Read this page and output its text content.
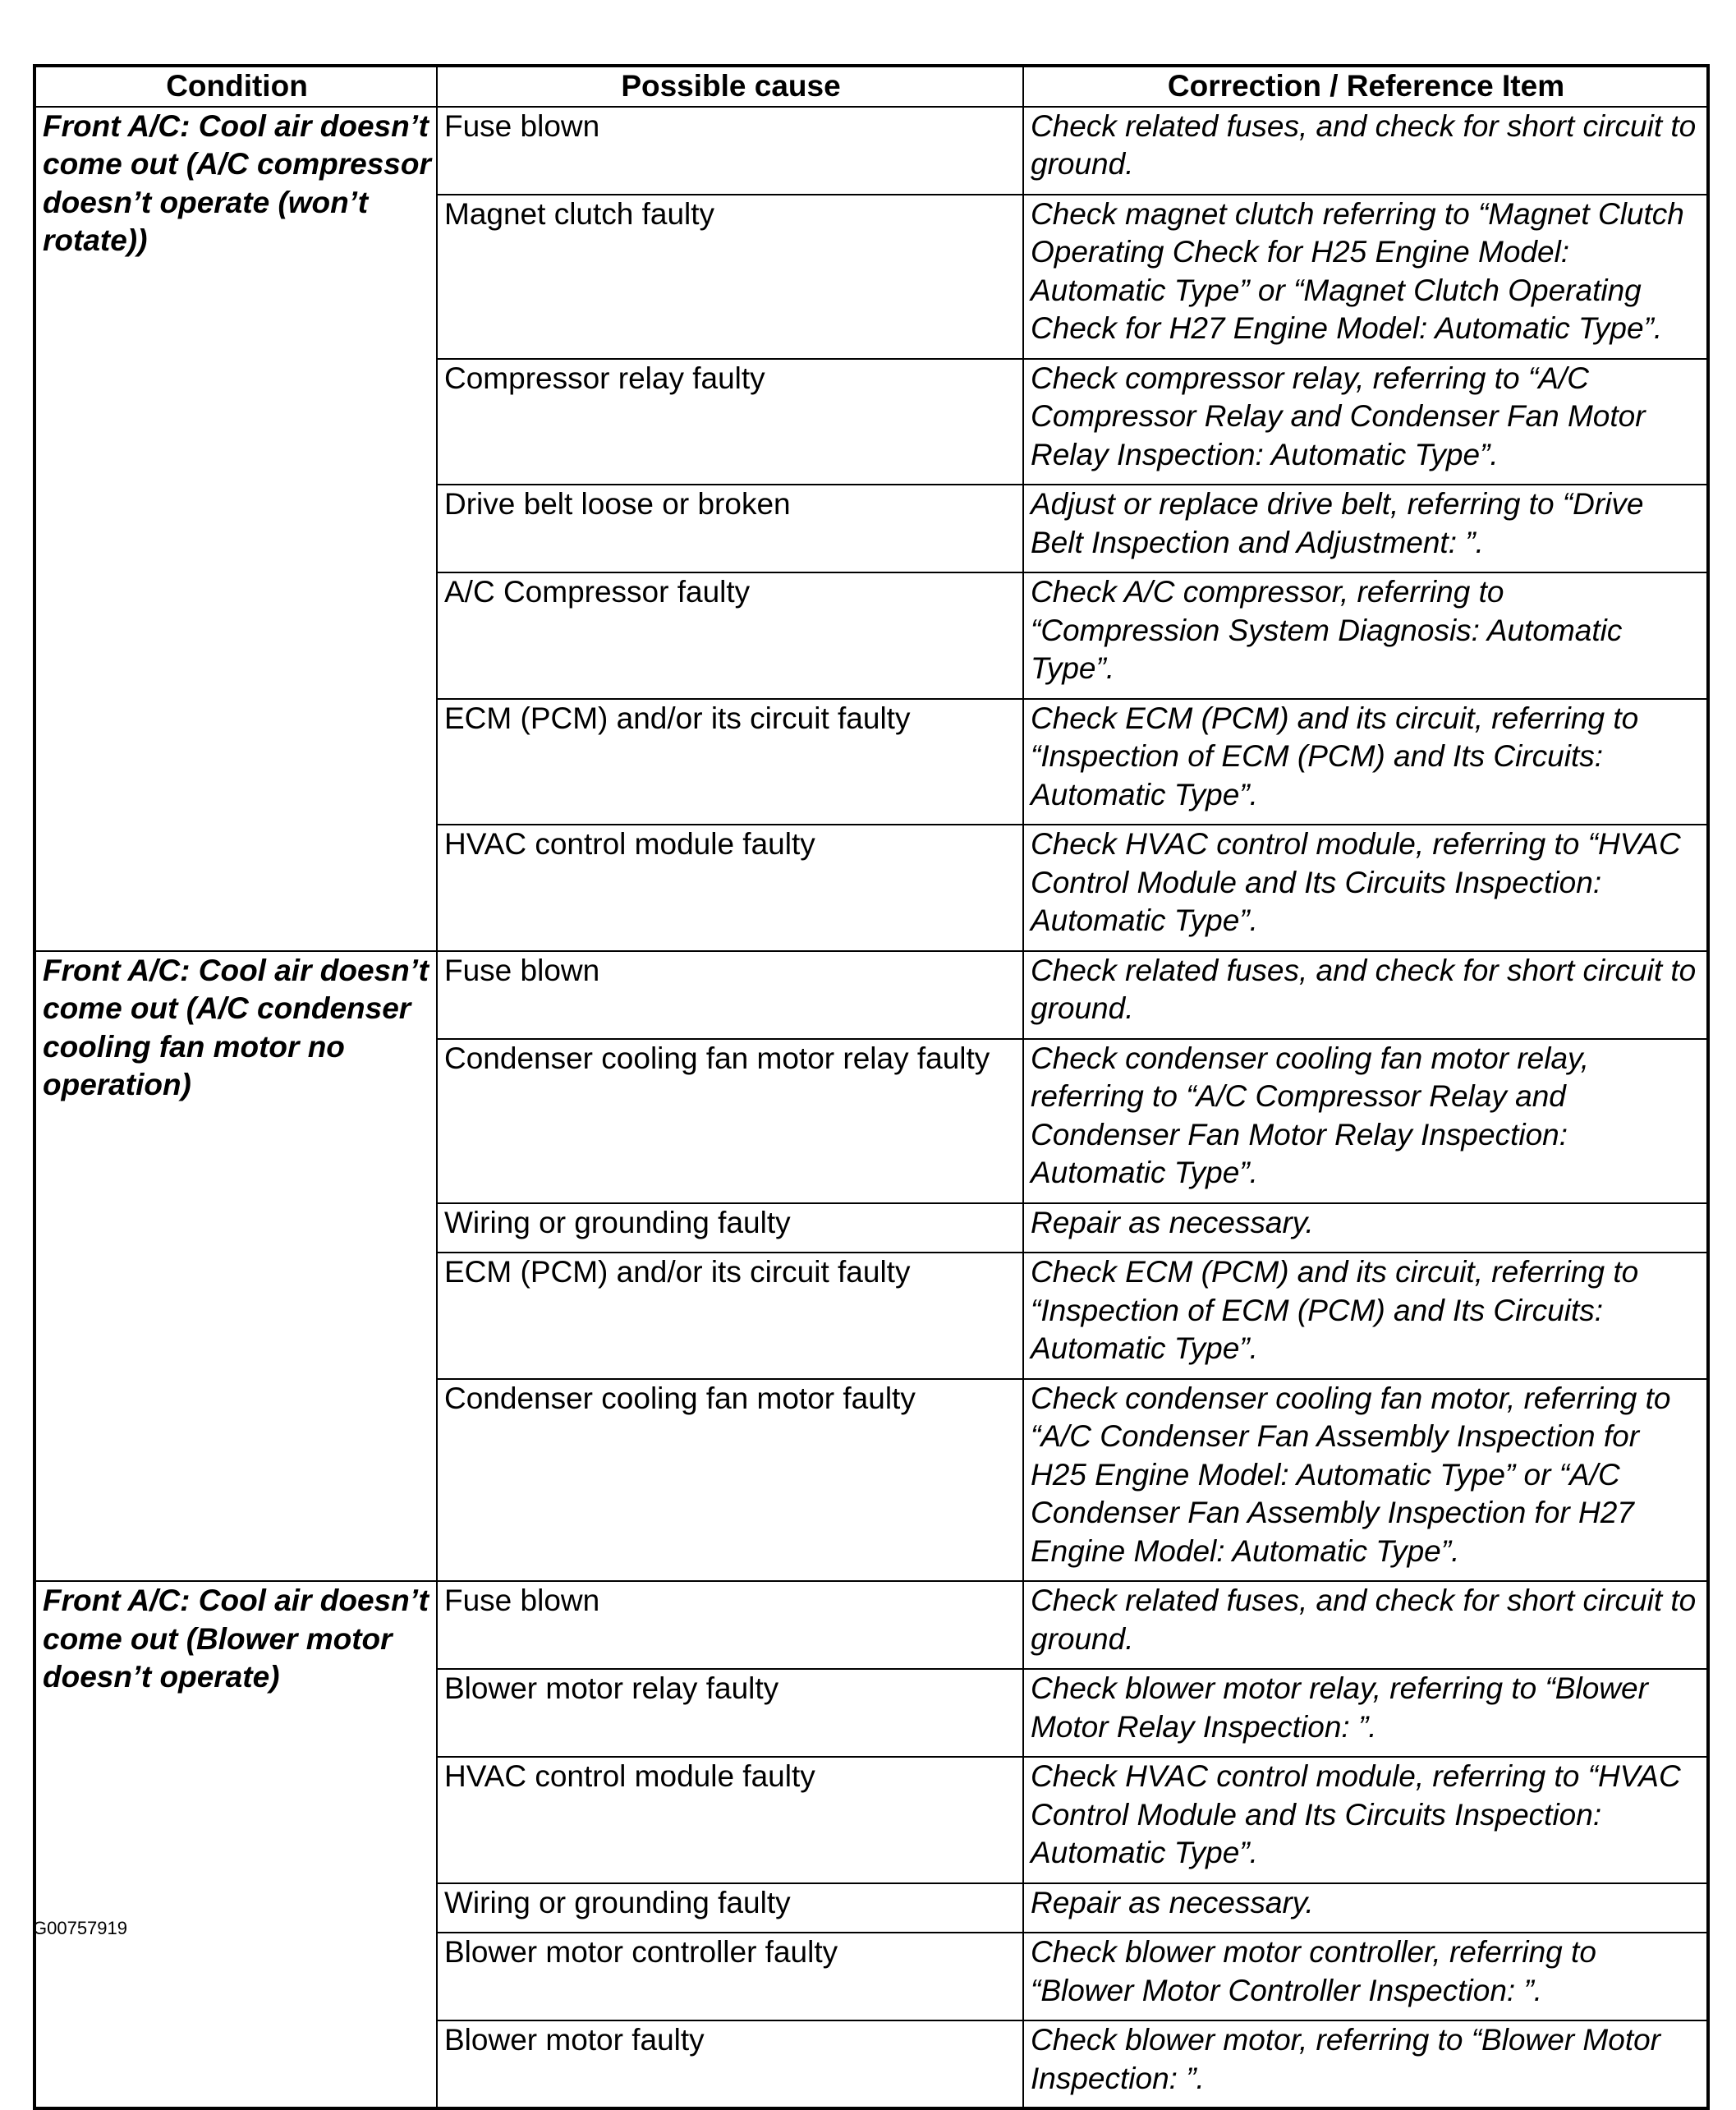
Condition	Possible cause	Correction / Reference Item
Front A/C: Cool air doesn’t come out (A/C compressor doesn’t operate (won’t rotate))	Fuse blown	Check related fuses, and check for short circuit to ground.
	Magnet clutch faulty	Check magnet clutch referring to “Magnet Clutch Operating Check for H25 Engine Model: Automatic Type” or “Magnet Clutch Operating Check for H27 Engine Model: Automatic Type”.
	Compressor relay faulty	Check compressor relay, referring to “A/C Compressor Relay and Condenser Fan Motor Relay Inspection: Automatic Type”.
	Drive belt loose or broken	Adjust or replace drive belt, referring to “Drive Belt Inspection and Adjustment: ”.
	A/C Compressor faulty	Check A/C compressor, referring to “Compression System Diagnosis: Automatic Type”.
	ECM (PCM) and/or its circuit faulty	Check ECM (PCM) and its circuit, referring to “Inspection of ECM (PCM) and Its Circuits: Automatic Type”.
	HVAC control module faulty	Check HVAC control module, referring to “HVAC Control Module and Its Circuits Inspection: Automatic Type”.
Front A/C: Cool air doesn’t come out (A/C condenser cooling fan motor no operation)	Fuse blown	Check related fuses, and check for short circuit to ground.
	Condenser cooling fan motor relay faulty	Check condenser cooling fan motor relay, referring to “A/C Compressor Relay and Condenser Fan Motor Relay Inspection: Automatic Type”.
	Wiring or grounding faulty	Repair as necessary.
	ECM (PCM) and/or its circuit faulty	Check ECM (PCM) and its circuit, referring to “Inspection of ECM (PCM) and Its Circuits: Automatic Type”.
	Condenser cooling fan motor faulty	Check condenser cooling fan motor, referring to “A/C Condenser Fan Assembly Inspection for H25 Engine Model: Automatic Type” or “A/C Condenser Fan Assembly Inspection for H27 Engine Model: Automatic Type”.
Front A/C: Cool air doesn’t come out (Blower motor doesn’t operate)	Fuse blown	Check related fuses, and check for short circuit to ground.
	Blower motor relay faulty	Check blower motor relay, referring to “Blower Motor Relay Inspection: ”.
	HVAC control module faulty	Check HVAC control module, referring to “HVAC Control Module and Its Circuits Inspection: Automatic Type”.
	Wiring or grounding faulty	Repair as necessary.
	Blower motor controller faulty	Check blower motor controller, referring to “Blower Motor Controller Inspection: ”.
	Blower motor faulty	Check blower motor, referring to “Blower Motor Inspection: ”.
G00757919
